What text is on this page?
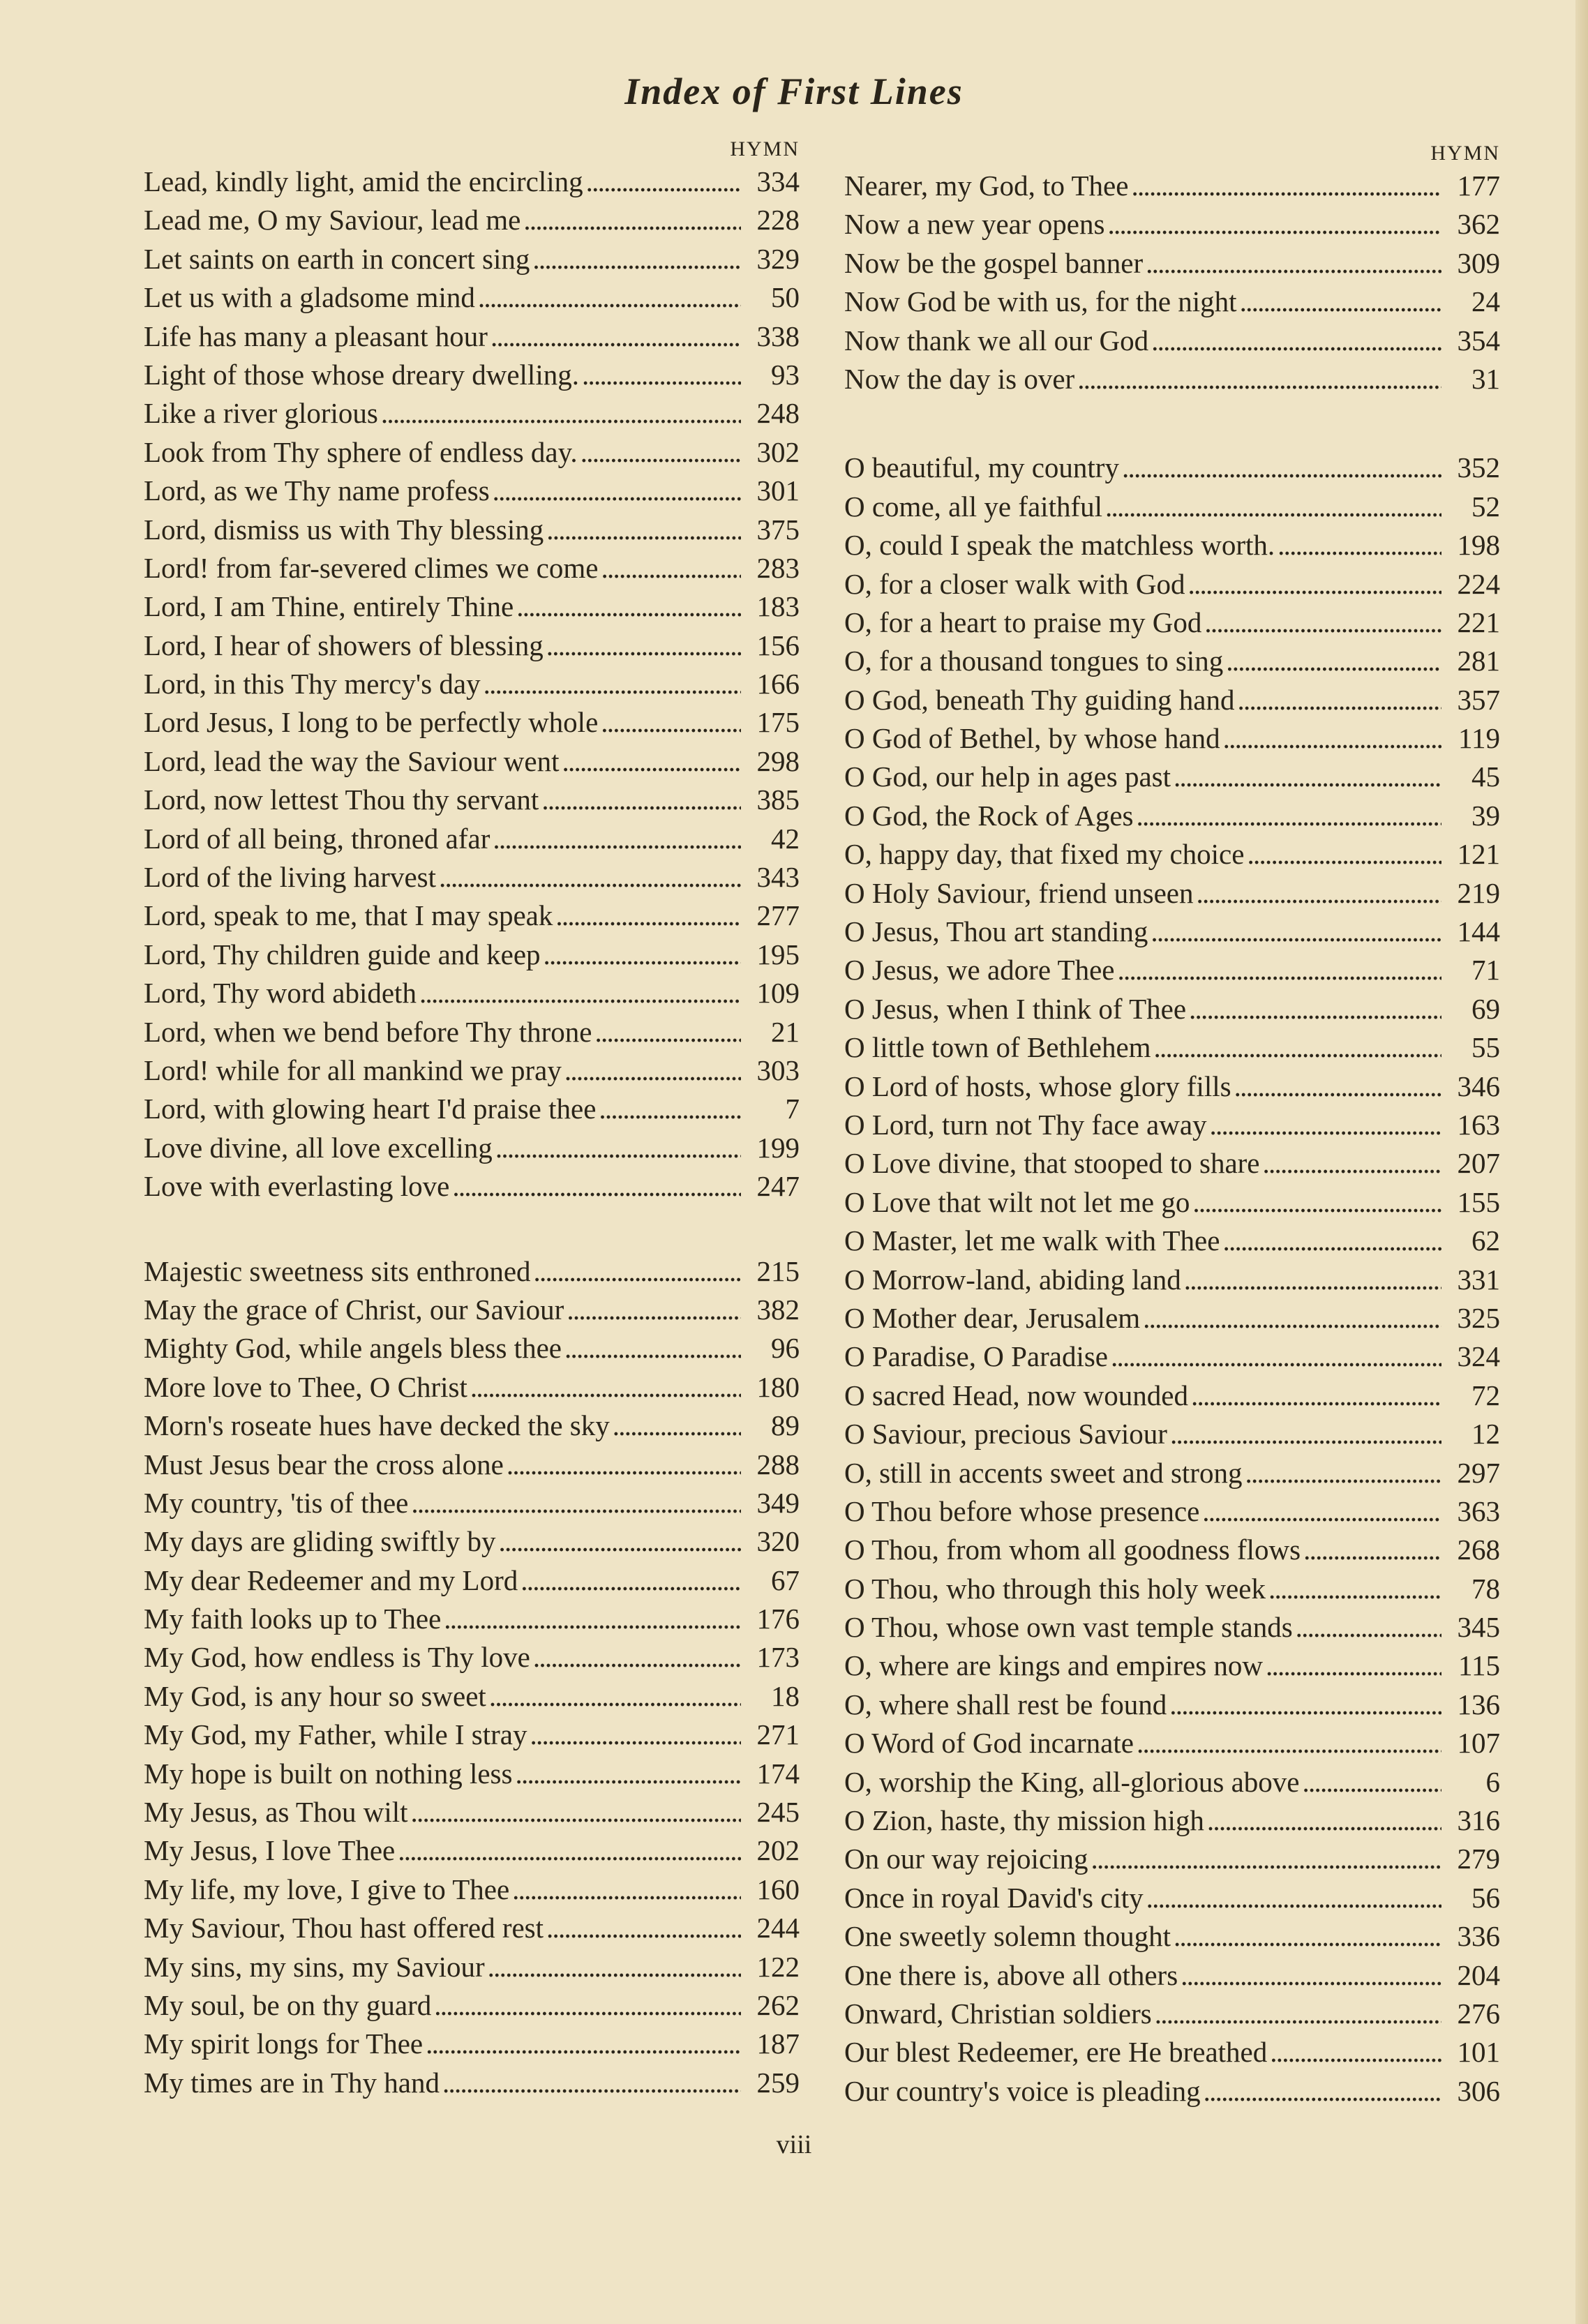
Index of First Lines
HYMN
Lead, kindly light, amid the encircling . . .	334
Lead me, O my Saviour, lead me . . .	228
Let saints on earth in concert sing . . .	329
Let us with a gladsome mind . . .	50
Life has many a pleasant hour . . .	338
Light of those whose dreary dwelling. . . .	93
Like a river glorious . . .	248
Look from Thy sphere of endless day. . . .	302
Lord, as we Thy name profess . . .	301
Lord, dismiss us with Thy blessing . . .	375
Lord! from far-severed climes we come . . .	283
Lord, I am Thine, entirely Thine . . .	183
Lord, I hear of showers of blessing . . .	156
Lord, in this Thy mercy's day . . .	166
Lord Jesus, I long to be perfectly whole . . .	175
Lord, lead the way the Saviour went . . .	298
Lord, now lettest Thou thy servant . . .	385
Lord of all being, throned afar . . .	42
Lord of the living harvest . . .	343
Lord, speak to me, that I may speak . . .	277
Lord, Thy children guide and keep . . .	195
Lord, Thy word abideth . . .	109
Lord, when we bend before Thy throne . . .	21
Lord! while for all mankind we pray . . .	303
Lord, with glowing heart I'd praise thee . . .	7
Love divine, all love excelling . . .	199
Love with everlasting love . . .	247
Majestic sweetness sits enthroned . . .	215
May the grace of Christ, our Saviour . . .	382
Mighty God, while angels bless thee . . .	96
More love to Thee, O Christ . . .	180
Morn's roseate hues have decked the sky . . .	89
Must Jesus bear the cross alone . . .	288
My country, 'tis of thee . . .	349
My days are gliding swiftly by . . .	320
My dear Redeemer and my Lord . . .	67
My faith looks up to Thee . . .	176
My God, how endless is Thy love . . .	173
My God, is any hour so sweet . . .	18
My God, my Father, while I stray . . .	271
My hope is built on nothing less . . .	174
My Jesus, as Thou wilt . . .	245
My Jesus, I love Thee . . .	202
My life, my love, I give to Thee . . .	160
My Saviour, Thou hast offered rest . . .	244
My sins, my sins, my Saviour . . .	122
My soul, be on thy guard . . .	262
My spirit longs for Thee . . .	187
My times are in Thy hand . . .	259
HYMN
Nearer, my God, to Thee . . .	177
Now a new year opens . . .	362
Now be the gospel banner . . .	309
Now God be with us, for the night . . .	24
Now thank we all our God . . .	354
Now the day is over . . .	31
O beautiful, my country . . .	352
O come, all ye faithful . . .	52
O, could I speak the matchless worth. . . .	198
O, for a closer walk with God . . .	224
O, for a heart to praise my God . . .	221
O, for a thousand tongues to sing . . .	281
O God, beneath Thy guiding hand . . .	357
O God of Bethel, by whose hand . . .	119
O God, our help in ages past . . .	45
O God, the Rock of Ages . . .	39
O, happy day, that fixed my choice . . .	121
O Holy Saviour, friend unseen . . .	219
O Jesus, Thou art standing . . .	144
O Jesus, we adore Thee . . .	71
O Jesus, when I think of Thee . . .	69
O little town of Bethlehem . . .	55
O Lord of hosts, whose glory fills . . .	346
O Lord, turn not Thy face away . . .	163
O Love divine, that stooped to share . . .	207
O Love that wilt not let me go . . .	155
O Master, let me walk with Thee . . .	62
O Morrow-land, abiding land . . .	331
O Mother dear, Jerusalem . . .	325
O Paradise, O Paradise . . .	324
O sacred Head, now wounded . . .	72
O Saviour, precious Saviour . . .	12
O, still in accents sweet and strong . . .	297
O Thou before whose presence . . .	363
O Thou, from whom all goodness flows . . .	268
O Thou, who through this holy week . . .	78
O Thou, whose own vast temple stands . . .	345
O, where are kings and empires now . . .	115
O, where shall rest be found . . .	136
O Word of God incarnate . . .	107
O, worship the King, all-glorious above . . .	6
O Zion, haste, thy mission high . . .	316
On our way rejoicing . . .	279
Once in royal David's city . . .	56
One sweetly solemn thought . . .	336
One there is, above all others . . .	204
Onward, Christian soldiers . . .	276
Our blest Redeemer, ere He breathed . . .	101
Our country's voice is pleading . . .	306
viii
